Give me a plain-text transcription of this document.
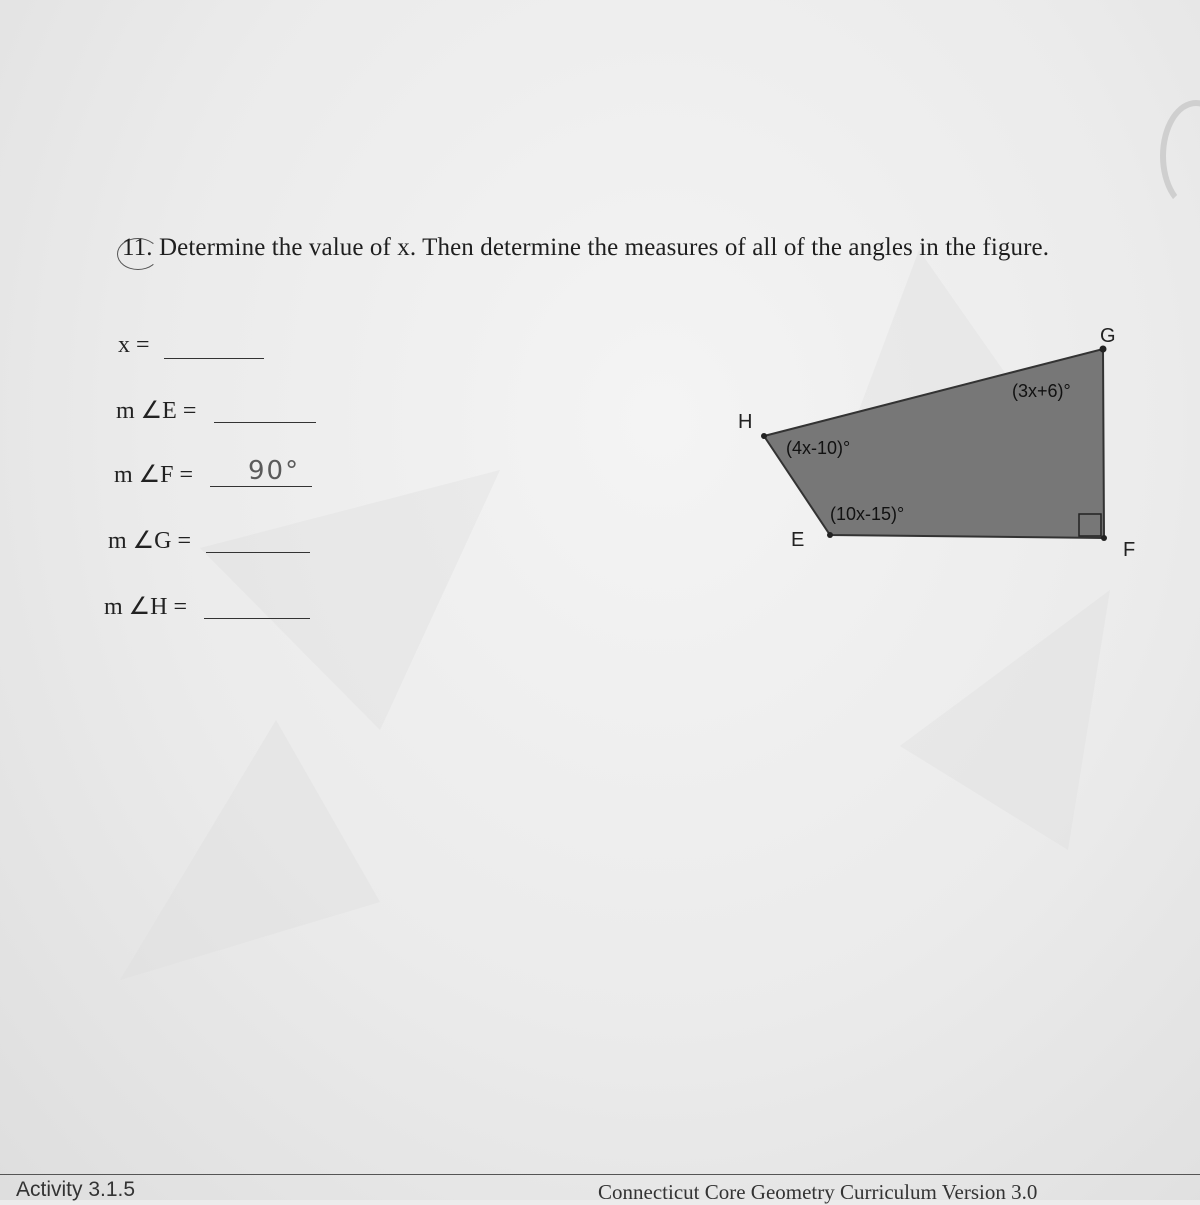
11. Determine the value of x. Then determine the measures of all of the angles in the figure.
x =
m ∠E =
m ∠F = 90°
m ∠G =
m ∠H =
H
G
F
E
(4x-10)°
(3x+6)°
(10x-15)°
Activity 3.1.5	Connecticut Core Geometry Curriculum Version 3.0
